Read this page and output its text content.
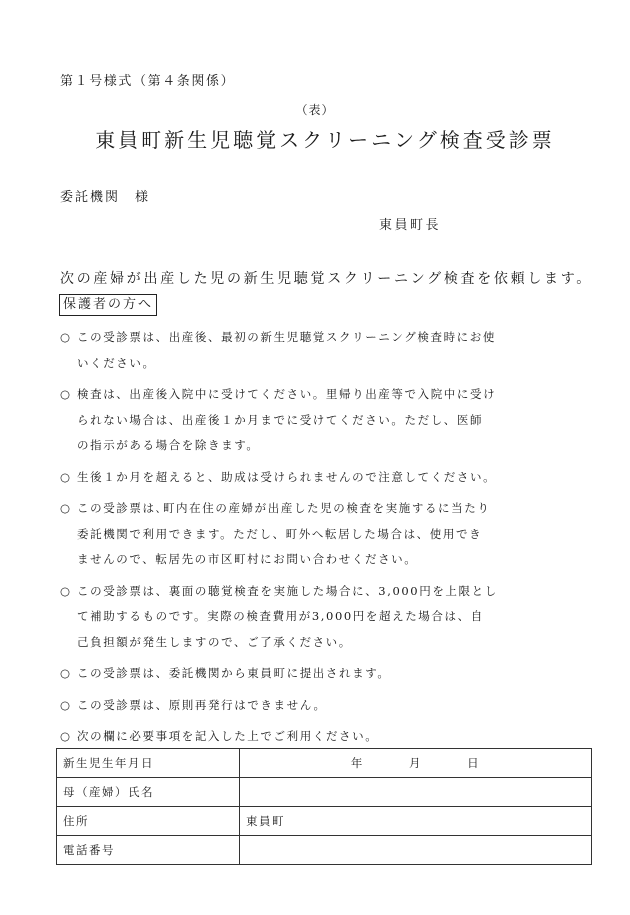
第１号様式（第４条関係）
（表）
東員町新生児聴覚スクリーニング検査受診票
委託機関　様
東員町長
次の産婦が出産した児の新生児聴覚スクリーニング検査を依頼します。
保護者の方へ
○ この受診票は、出産後、最初の新生児聴覚スクリーニング検査時にお使
いください。
○ 検査は、出産後入院中に受けてください。里帰り出産等で入院中に受け
られない場合は、出産後１か月までに受けてください。ただし、医師
の指示がある場合を除きます。
○ 生後１か月を超えると、助成は受けられませんので注意してください。
○ この受診票は､町内在住の産婦が出産した児の検査を実施するに当たり
委託機関で利用できます。ただし、町外へ転居した場合は、使用でき
ませんので、転居先の市区町村にお問い合わせください。
○ この受診票は、裏面の聴覚検査を実施した場合に、3,000円を上限とし
て補助するものです。実際の検査費用が3,000円を超えた場合は、自
己負担額が発生しますので、ご了承ください。
○ この受診票は、委託機関から東員町に提出されます。
○ この受診票は、原則再発行はできません。
○ 次の欄に必要事項を記入した上でご利用ください。
新生児生年月日	年 月 日
母（産婦）氏名	
住所	東員町
電話番号	
